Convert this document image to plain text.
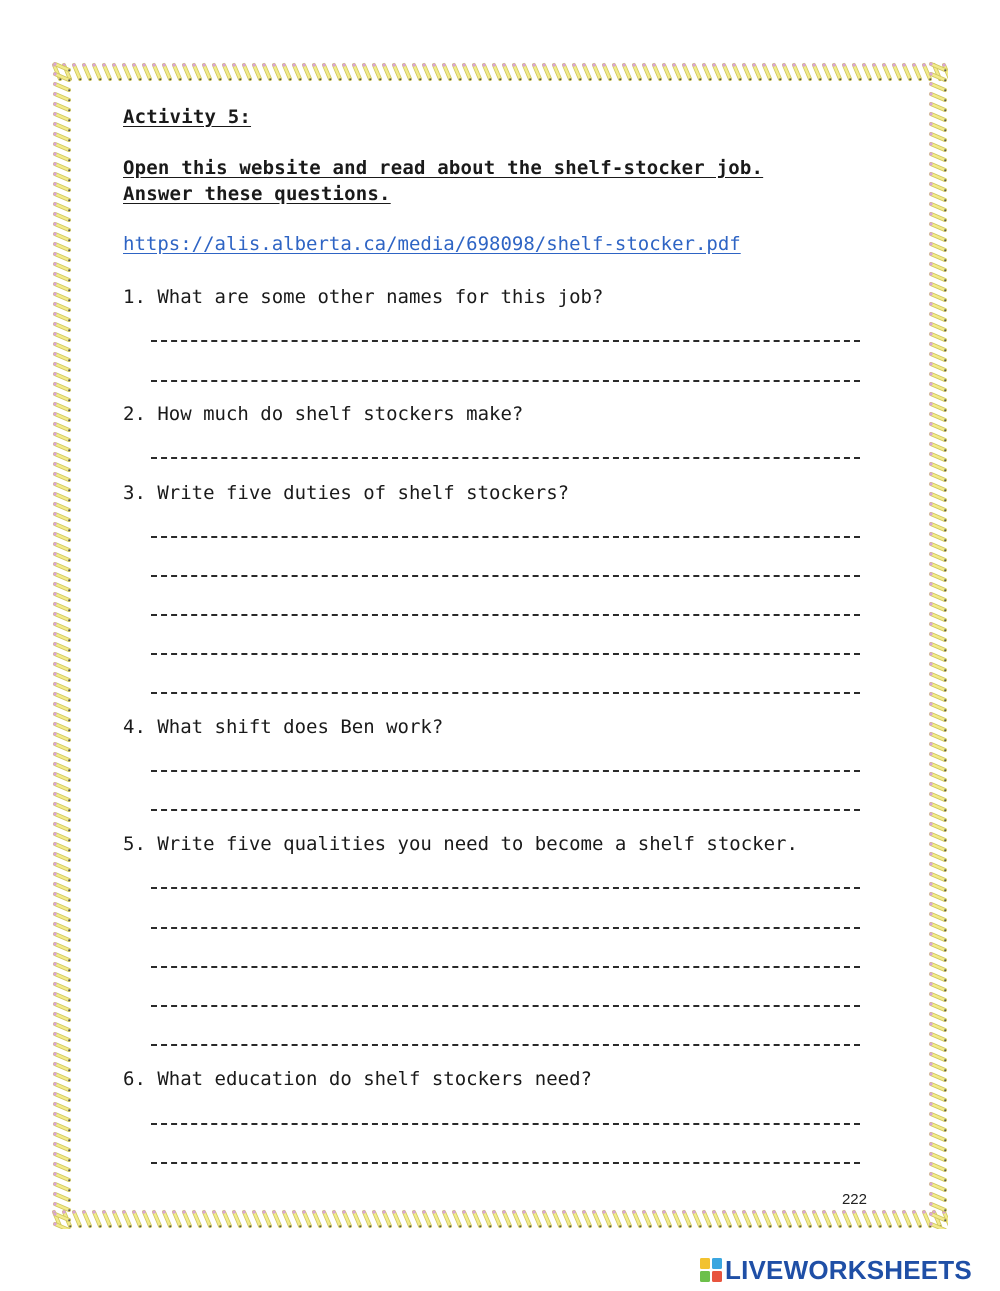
Activity 5:
Open this website and read about the shelf-stocker job. Answer these questions.
https://alis.alberta.ca/media/698098/shelf-stocker.pdf
1. What are some other names for this job?
2. How much do shelf stockers make?
3. Write five duties of shelf stockers?
4. What shift does Ben work?
5. Write five qualities you need to become a shelf stocker.
6. What education do shelf stockers need?
222
LIVEWORKSHEETS
